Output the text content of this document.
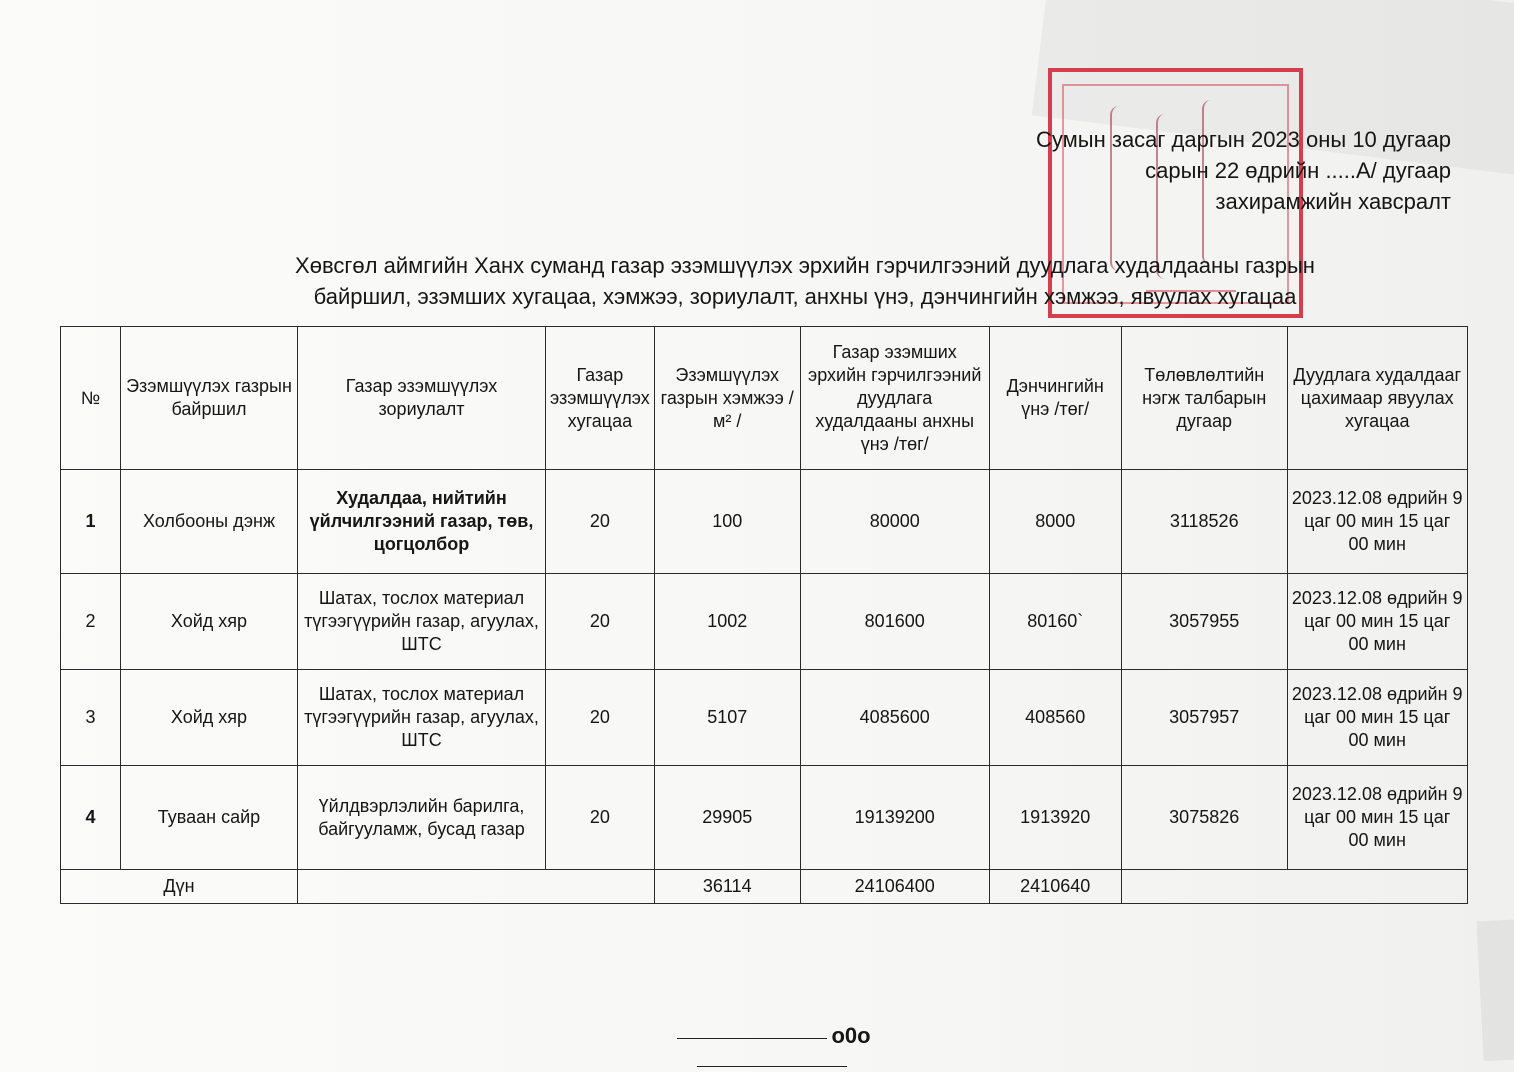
Сумын засаг даргын 2023 оны 10 дугаар
сарын 22 өдрийн .....A/ дугаар
захирамжийн хавсралт
Хөвсгөл аймгийн Ханх суманд газар эзэмшүүлэх эрхийн гэрчилгээний дуудлага худалдааны газрын
байршил, эзэмших хугацаа, хэмжээ, зориулалт, анхны үнэ, дэнчингийн хэмжээ, явуулах хугацаа
№	Эзэмшүүлэх газрын байршил	Газар эзэмшүүлэх зориулалт	Газар эзэмшүүлэх хугацаа	Эзэмшүүлэх газрын хэмжээ / м² /	Газар эзэмших эрхийн гэрчилгээний дуудлага худалдааны анхны үнэ /төг/	Дэнчингийн үнэ /төг/	Төлөвлөлтийн нэгж талбарын дугаар	Дуудлага худалдааг цахимаар явуулах хугацаа
1	Холбооны дэнж	Худалдаа, нийтийн үйлчилгээний газар, төв, цогцолбор	20	100	80000	8000	3118526	2023.12.08 өдрийн 9 цаг 00 мин 15 цаг 00 мин
2	Хойд хяр	Шатах, тослох материал түгээгүүрийн газар, агуулах, ШТС	20	1002	801600	80160`	3057955	2023.12.08 өдрийн 9 цаг 00 мин 15 цаг 00 мин
3	Хойд хяр	Шатах, тослох материал түгээгүүрийн газар, агуулах, ШТС	20	5107	4085600	408560	3057957	2023.12.08 өдрийн 9 цаг 00 мин 15 цаг 00 мин
4	Туваан сайр	Үйлдвэрлэлийн барилга, байгууламж, бусад газар	20	29905	19139200	1913920	3075826	2023.12.08 өдрийн 9 цаг 00 мин 15 цаг 00 мин
Дүн				36114	24106400	2410640		
o0o
